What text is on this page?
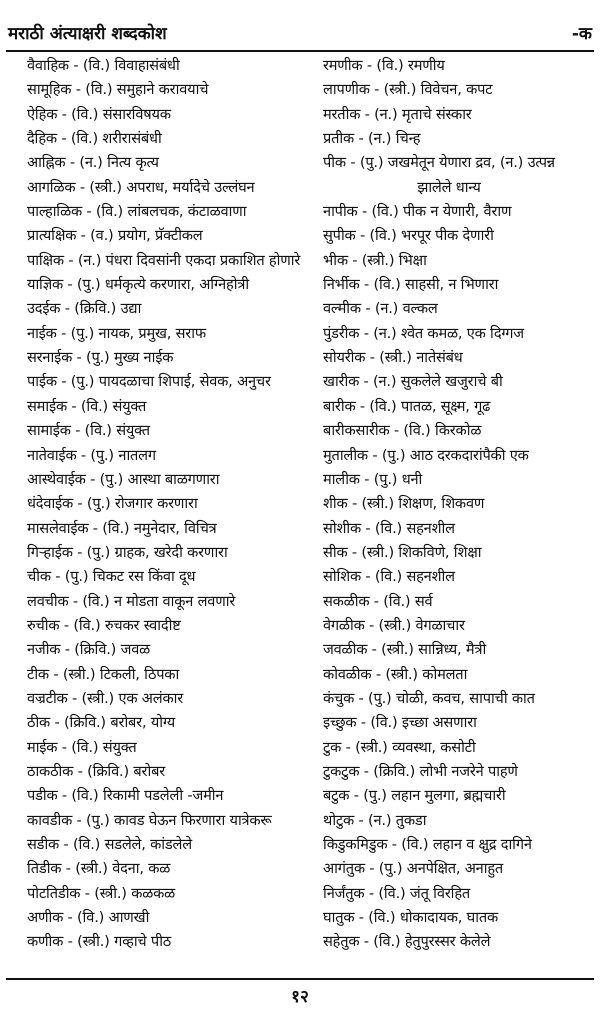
मराठी अंत्याक्षरी शब्दकोश	-क
वैवाहिक - (वि.) विवाहासंबंधी
सामूहिक - (वि.) समुहाने करावयाचे
ऐहिक - (वि.) संसारविषयक
दैहिक - (वि.) शरीरासंबंधी
आह्निक - (न.) नित्य कृत्य
आगळिक - (स्त्री.) अपराध, मर्यादेचे उल्लंघन
पाल्हाळिक - (वि.) लांबलचक, कंटाळवाणा
प्रात्यक्षिक - (व.) प्रयोग, प्रॅक्टीकल
पाक्षिक - (न.) पंधरा दिवसांनी एकदा प्रकाशित होणारे
याज्ञिक - (पु.) धर्मकृत्ये करणारा, अग्निहोत्री
उदईक - (क्रिवि.) उद्या
नाईक - (पु.) नायक, प्रमुख, सराफ
सरनाईक - (पु.) मुख्य नाईक
पाईक - (पु.) पायदळाचा शिपाई, सेवक, अनुचर
समाईक - (वि.) संयुक्त
सामाईक - (वि.) संयुक्त
नातेवाईक - (पु.) नातलग
आस्थेवाईक - (पु.) आस्था बाळगणारा
धंदेवाईक - (पु.) रोजगार करणारा
मासलेवाईक - (वि.) नमुनेदार, विचित्र
गिऱ्हाईक - (पु.) ग्राहक, खरेदी करणारा
चीक - (पु.) चिकट रस किंवा दूध
लवचीक - (वि.) न मोडता वाकून लवणारे
रुचीक - (वि.) रुचकर स्वादीष्ट
नजीक - (क्रिवि.) जवळ
टीक - (स्त्री.) टिकली, ठिपका
वज्रटीक - (स्त्री.) एक अलंकार
ठीक - (क्रिवि.) बरोबर, योग्य
माईक - (वि.) संयुक्त
ठाकठीक - (क्रिवि.) बरोबर
पडीक - (वि.) रिकामी पडलेली -जमीन
कावडीक - (पु.) कावड घेऊन फिरणारा यात्रेकरू
सडीक - (वि.) सडलेले, कांडलेले
तिडीक - (स्त्री.) वेदना, कळ
पोटतिडीक - (स्त्री.) कळकळ
अणीक - (वि.) आणखी
कणीक - (स्त्री.) गव्हाचे पीठ
रमणीक - (वि.) रमणीय
लापणीक - (स्त्री.) विवेचन, कपट
मरतीक - (न.) मृताचे संस्कार
प्रतीक - (न.) चिन्ह
पीक - (पु.) जखमेतून येणारा द्रव, (न.) उत्पन्न
झालेले धान्य
नापीक - (वि.) पीक न येणारी, वैराण
सुपीक - (वि.) भरपूर पीक देणारी
भीक - (स्त्री.) भिक्षा
निर्भीक - (वि.) साहसी, न भिणारा
वल्मीक - (न.) वल्कल
पुंडरीक - (न.) श्वेत कमळ, एक दिग्गज
सोयरीक - (स्त्री.) नातेसंबंध
खारीक - (न.) सुकलेले खजुराचे बी
बारीक - (वि.) पातळ, सूक्ष्म, गूढ
बारीकसारीक - (वि.) किरकोळ
मुतालीक - (पु.) आठ दरकदारांपैकी एक
मालीक - (पु.) धनी
शीक - (स्त्री.) शिक्षण, शिकवण
सोशीक - (वि.) सहनशील
सीक - (स्त्री.) शिकविणे, शिक्षा
सोशिक - (वि.) सहनशील
सकळीक - (वि.) सर्व
वेगळीक - (स्त्री.) वेगळाचार
जवळीक - (स्त्री.) सान्निध्य, मैत्री
कोवळीक - (स्त्री.) कोमलता
कंचुक - (पु.) चोळी, कवच, सापाची कात
इच्छुक - (वि.) इच्छा असणारा
टुक - (स्त्री.) व्यवस्था, कसोटी
टुकटुक - (क्रिवि.) लोभी नजरेने पाहणे
बटुक - (पु.) लहान मुलगा, ब्रह्मचारी
थोटुक - (न.) तुकडा
किडुकमिडुक - (वि.) लहान व क्षुद्र दागिने
आगंतुक - (पु.) अनपेक्षित, अनाहुत
निर्जंतुक - (वि.) जंतू विरहित
घातुक - (वि.) धोकादायक, घातक
सहेतुक - (वि.) हेतुपुरस्सर केलेले
१२
